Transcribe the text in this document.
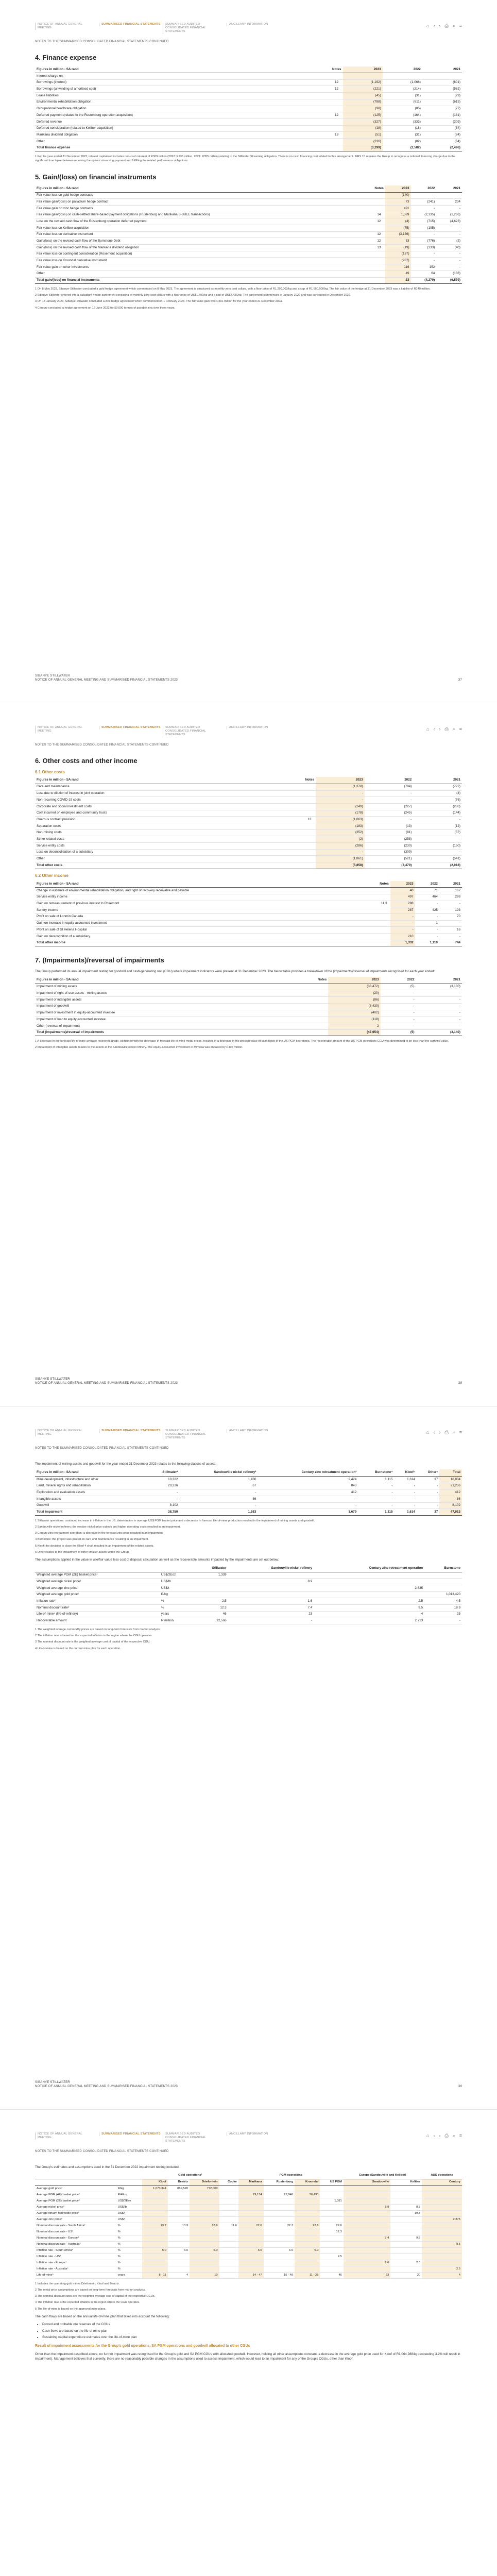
NOTICE OF ANNUAL GENERAL MEETING
SUMMARISED FINANCIAL STATEMENTS	SUMMARISED AUDITED CONSOLIDATED FINANCIAL STATEMENTS
ANCILLARY INFORMATION	⌂ ‹ › ⎙ ⌕ ≡
NOTES TO THE SUMMARISED CONSOLIDATED FINANCIAL STATEMENTS CONTINUED
4. Finance expense
Figures in million - SA rand	Notes	2023	2022	2021
Interest charge on:				
Borrowings (interest)	12	(1,192)	(1,066)	(801)
Borrowings (unwinding of amortised cost)	12	(221)	(214)	(582)
Lease liabilities		(45)	(31)	(29)
Environmental rehabilitation obligation		(788)	(611)	(615)
Occupational healthcare obligation		(90)	(85)	(77)
Deferred payment (related to the Rustenburg operation acquisition)	12	(125)	(164)	(181)
Deferred revenue		(327)	(333)	(309)
Deferred consideration (related to Keliber acquisition)		(18)	(18)	(54)
Marikana dividend obligation	13	(51)	(31)	(84)
Other		(236)	(82)	(64)
Total finance expense		(3,299)	(2,582)	(2,496)

1 For the year ended 31 December 2023, interest capitalised includes non-cash interest of R309 million (2022: R235 million, 2021: R355 million) relating to the Stillwater Streaming obligation. There is no cash financing cost related to this arrangement. IFRS 15 requires the Group to recognise a notional financing charge due to the significant time lapse between receiving the upfront streaming payment and fulfilling the related performance obligations.

5. Gain/(loss) on financial instruments
Figures in million - SA rand	Notes	2023	2022	2021
Fair value loss on gold hedge contracts		(140)	-	-
Fair value gain/(loss) on palladium hedge contract		73	(241)	234
Fair value gain on zinc hedge contracts		491	-	-
Fair value gain/(loss) on cash-settled share-based payment obligations (Rustenburg and Marikana B-BBEE transactions)	14	1,589	(2,135)	(1,266)
Loss on the revised cash flow of the Rustenburg operation deferred payment	12	(4)	(715)	(4,623)
Fair value loss on Keliber acquisition		(75)	(195)	-
Fair value loss on derivative instrument	12	(3,136)	-	-
Gain/(loss) on the revised cash flow of the Burnstone Debt	12	33	(776)	(2)
Gain/(loss) on the revised cash flow of the Marikana dividend obligation	13	(19)	(133)	(40)
Fair value loss on contingent consideration (Rosemont acquisition)		(137)	-	-
Fair value loss on Kroondal derivative instrument		(287)	-	-
Fair value gain on other investments		116	152	-
Other		49	64	(136)
Total gain/(loss) on financial instruments		23	(4,279)	(6,579)

1 On 8 May 2023, Sibanye-Stillwater concluded a gold hedge agreement which commenced on 8 May 2023. The agreement is structured as monthly zero cost collars, with a floor price of R1,250,000/kg and a cap of R1,650,000/kg. The fair value of the hedge at 31 December 2023 was a liability of R140 million.

2 Sibanye-Stillwater entered into a palladium hedge agreement consisting of monthly zero-cost collars with a floor price of US$1,700/oz and a cap of US$2,436/oz. The agreement commenced in January 2022 and was concluded in December 2022.

3 On 17 January 2023, Sibanye-Stillwater concluded a zinc hedge agreement which commenced on 1 February 2023. The fair value gain was R491 million for the year ended 31 December 2023.

4 Century concluded a hedge agreement on 12 June 2022 for 50,000 tonnes of payable zinc over three years.

SIBANYE STILLWATER
NOTICE OF ANNUAL GENERAL MEETING AND SUMMARISED FINANCIAL STATEMENTS 2023	37
NOTICE OF ANNUAL GENERAL MEETING
SUMMARISED FINANCIAL STATEMENTS	SUMMARISED AUDITED CONSOLIDATED FINANCIAL STATEMENTS
ANCILLARY INFORMATION	⌂ ‹ › ⎙ ⌕ ≡
NOTES TO THE SUMMARISED CONSOLIDATED FINANCIAL STATEMENTS CONTINUED
6. Other costs and other income
6.1 Other costs
Figures in million - SA rand	Notes	2023	2022	2021
Care and maintenance		(1,378)	(794)	(727)
Loss due to dilution of interest in joint operation		-	-	(4)
Non-recurring COVID-19 costs		-	-	(76)
Corporate and social investment costs		(149)	(227)	(288)
Cost incurred on employee and community trusts		(178)	(245)	(144)
Onerous contract provision	13	(1,063)	-	-
Separation costs		(183)	(13)	(12)
Non-mining costs		(252)	(81)	(57)
Strike-related costs		(2)	(258)	-
Service entity costs		(286)	(230)	(150)
Loss on deconsolidation of a subsidiary		-	(309)	-
Other		(1,861)	(521)	(541)
Total other costs		(5,858)	(2,479)	(2,018)
6.2 Other income
Figures in million - SA rand	Notes	2023	2022	2021
Change in estimate of environmental rehabilitation obligation, and right of recovery receivable and payable		40	71	167
Service entity income		497	464	298
Gain on remeasurement of previous interest to Rosemont	11.3	298	-	-
Sundry income		287	425	193
Profit on sale of Lonmin Canada		-	-	70
Gain on increase in equity-accounted investment		-	1	-
Profit on sale of St Helena Hospital		-	-	16
Gain on derecognition of a subsidiary		210	-	-
Total other income		1,332	1,110	744
7. (Impairments)/reversal of impairments

The Group performed its annual impairment testing for goodwill and cash-generating unit (CGU) where impairment indicators were present at 31 December 2023. The below table provides a breakdown of the (impairments)/reversal of impairments recognised for each year ended:

Figures in million - SA rand	Notes	2023	2022	2021
Impairment of mining assets		(38,472)	(5)	(3,130)
Impairment of right-of-use assets - mining assets		(20)	-	-
Impairment of intangible assets		(86)	-	-
Impairment of goodwill		(8,430)	-	-
Impairment of investment in equity-accounted investee		(402)	-	-
Impairment of loan to equity-accounted investee		(118)	-	-
Other (reversal of impairment)		2	-	-
Total (impairments)/reversal of impairments		(47,654)	(5)	(3,140)

1 A decrease in the forecast life-of-mine average recovered grade, combined with the decrease in forecast life-of-mine metal prices, resulted in a decrease in the present value of cash flows of the US PGM operations. The recoverable amount of the US PGM operations CGU was determined to be less than the carrying value.

2 Impairment of intangible assets relates to the assets at the Sandouville nickel refinery. The equity-accounted investment in Mimosa was impaired by R402 million.

SIBANYE STILLWATER
NOTICE OF ANNUAL GENERAL MEETING AND SUMMARISED FINANCIAL STATEMENTS 2023	38
NOTICE OF ANNUAL GENERAL MEETING
SUMMARISED FINANCIAL STATEMENTS	SUMMARISED AUDITED CONSOLIDATED FINANCIAL STATEMENTS
ANCILLARY INFORMATION	⌂ ‹ › ⎙ ⌕ ≡
NOTES TO THE SUMMARISED CONSOLIDATED FINANCIAL STATEMENTS CONTINUED

The impairment of mining assets and goodwill for the year ended 31 December 2023 relates to the following classes of assets:

Figures in million - SA rand	Stillwater¹	Sandouville nickel refinery²	Century zinc retreatment operation³	Burnstone⁴	Kloof⁵	Other⁶	Total
Mine development, infrastructure and other	10,322	1,430	2,424	1,115	1,614	37	16,804
Land, mineral rights and rehabilitation	20,326	67	843	-	-	-	21,236
Exploration and evaluation assets	-	-	412	-	-	-	412
Intangible assets	-	86	-	-	-	-	86
Goodwill	8,102	-	-	-	-	-	8,102
Total impairment	38,750	1,583	3,679	1,115	1,614	37	47,013

1 Stillwater operations: continued increase in inflation in the US, deterioration in average US$ PGM basket price and a decrease in forecast life-of-mine production resulted in the impairment of mining assets and goodwill.

2 Sandouville nickel refinery: the weaker nickel price outlook and higher operating costs resulted in an impairment.

3 Century zinc retreatment operation: a decrease in the forecast zinc price resulted in an impairment.

4 Burnstone: the project was placed on care and maintenance resulting in an impairment.

5 Kloof: the decision to close the Kloof 4 shaft resulted in an impairment of the related assets.

6 Other relates to the impairment of other smaller assets within the Group.

The assumptions applied in the value in use/fair value less cost of disposal calculation as well as the recoverable amounts impacted by the impairments are set out below:

		Stillwater	Sandouville nickel refinery	Century zinc retreatment operation	Burnstone
Weighted average PGM (2E) basket price¹	US$/2Eoz	1,339			
Weighted average nickel price¹	US$/lb		8.9		
Weighted average zinc price¹	US$/t			2,835	
Weighted average gold price¹	R/kg				1,013,420
Inflation rate²	%	2.5	1.6	2.5	4.5
Nominal discount rate³	%	12.3	7.4	9.5	18.9
Life-of-mine⁴ (life-of-refinery)	years	46	23	4	25
Recoverable amount	R million	22,566	-	2,713	-

1 The weighted average commodity prices are based on long-term forecasts from market analysts.

2 The inflation rate is based on the expected inflation in the region where the CGU operates.

3 The nominal discount rate is the weighted average cost of capital of the respective CGU.

4 Life-of-mine is based on the current mine plan for each operation.

SIBANYE STILLWATER
NOTICE OF ANNUAL GENERAL MEETING AND SUMMARISED FINANCIAL STATEMENTS 2023	39
NOTICE OF ANNUAL GENERAL MEETING
SUMMARISED FINANCIAL STATEMENTS	SUMMARISED AUDITED CONSOLIDATED FINANCIAL STATEMENTS
ANCILLARY INFORMATION	⌂ ‹ › ⎙ ⌕ ≡
NOTES TO THE SUMMARISED CONSOLIDATED FINANCIAL STATEMENTS CONTINUED

The Group's estimates and assumptions used in the 31 December 2022 impairment testing included:

		Gold operations¹				PGM operations				Europe (Sandouville and Keliber)		AUS operations
		Kloof	Beatrix	Driefontein	Cooke	Marikana	Rustenburg	Kroondal	US PGM	Sandouville	Keliber	Century
Average gold price²	R/kg	1,073,344	869,520	772,000								
Average PGM (4E) basket price²	R/4Eoz					29,134	27,946	26,433				
Average PGM (2E) basket price²	US$/2Eoz								1,381			
Average nickel price²	US$/lb									8.9	8.3	
Average lithium hydroxide price²	US$/t										19.8	
Average zinc price²	US$/t											2,875
Nominal discount rate - South Africa³	%	13.7	13.9	13.8	11.6	22.0	22.3	22.6	22.6			
Nominal discount rate - US³	%								12.3			
Nominal discount rate - Europe³	%									7.4	9.8	
Nominal discount rate - Australia³	%											9.5
Inflation rate - South Africa⁴	%	6.0	6.0	6.0		6.0	6.0	6.0				
Inflation rate - US⁴	%								2.5			
Inflation rate - Europe⁴	%									1.6	2.0	
Inflation rate - Australia⁴	%											2.5
Life-of-mine⁵	years	8 - 11	4	10		14 - 47	15 - 49	11 - 25	46	23	20	4

1 Includes the operating gold mines Driefontein, Kloof and Beatrix.

2 The metal price assumptions are based on long-term forecasts from market analysts.

3 The nominal discount rates are the weighted average cost of capital of the respective CGUs.

4 The inflation rate is the expected inflation in the region where the CGU operates.

5 The life-of-mine is based on the approved mine plans.

The cash flows are based on the annual life-of-mine plan that takes into account the following:

• Proved and probable ore reserves of the CGUs
• Cash flows are based on the life-of-mine plan
• Sustaining capital expenditure estimates over the life-of-mine plan
Result of impairment assessments for the Group's gold operations, SA PGM operations and goodwill allocated to other CGUs

Other than the impairment described above, no further impairment was recognised for the Group's gold and SA PGM CGUs with allocated goodwill. However, holding all other assumptions constant, a decrease in the average gold price used for Kloof of R1,064,988/kg (exceeding 3.9% will result in impairment). Management believes that currently, there are no reasonably possible changes in the assumptions used to assess impairment, which would lead to an impairment for any of the Group's CGUs, other than Kloof.
